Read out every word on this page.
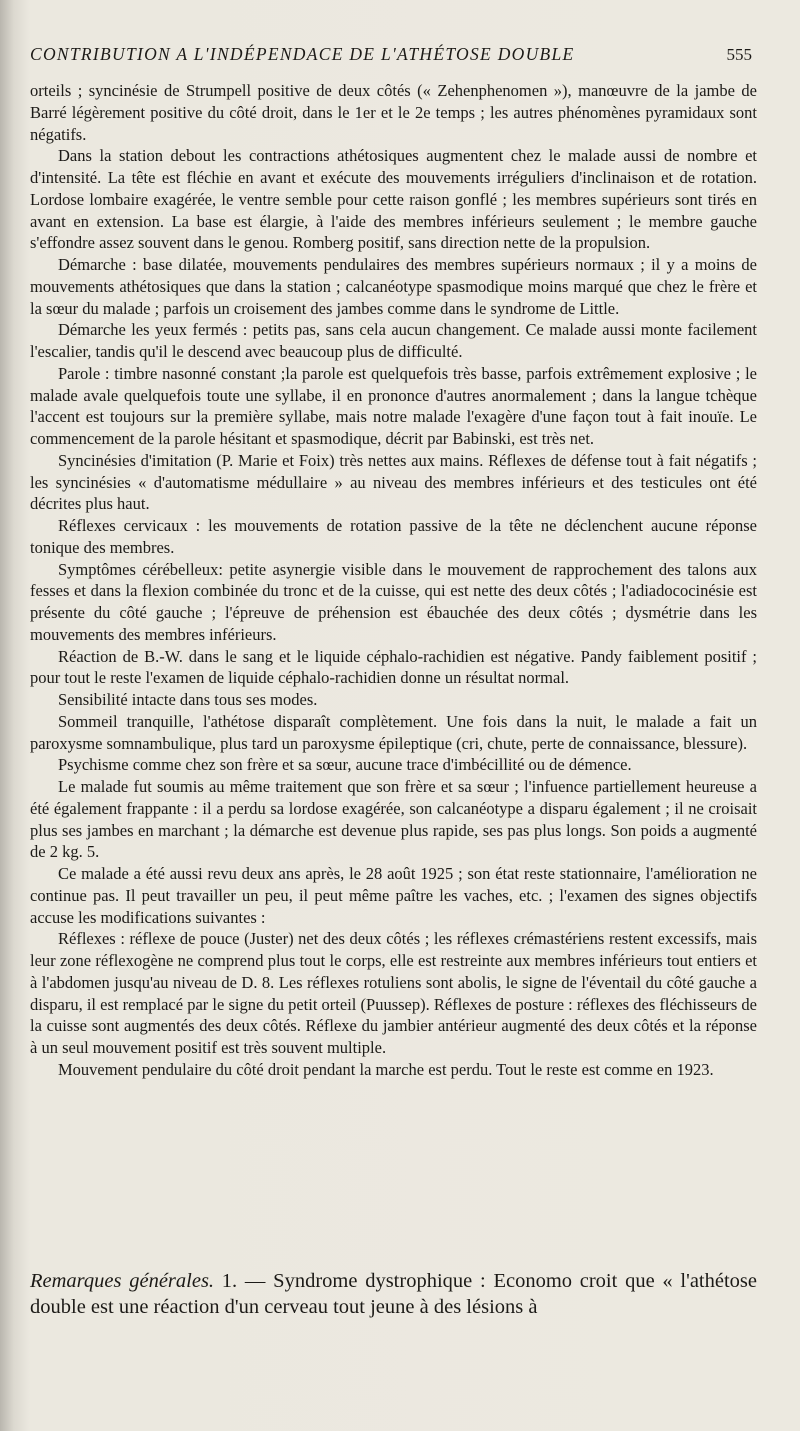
CONTRIBUTION A L'INDÉPENDACE DE L'ATHÉTOSE DOUBLE	555

orteils ; syncinésie de Strumpell positive de deux côtés (« Zehenphenomen »), manœuvre de la jambe de Barré légèrement positive du côté droit, dans le 1er et le 2e temps ; les autres phénomènes pyramidaux sont négatifs.

Dans la station debout les contractions athétosiques augmentent chez le malade aussi de nombre et d'intensité. La tête est fléchie en avant et exécute des mouvements irréguliers d'inclinaison et de rotation. Lordose lombaire exagérée, le ventre semble pour cette raison gonflé ; les membres supérieurs sont tirés en avant en extension. La base est élargie, à l'aide des membres inférieurs seulement ; le membre gauche s'effondre assez souvent dans le genou. Romberg positif, sans direction nette de la propulsion.

Démarche : base dilatée, mouvements pendulaires des membres supérieurs normaux ; il y a moins de mouvements athétosiques que dans la station ; calcanéotype spasmodique moins marqué que chez le frère et la sœur du malade ; parfois un croisement des jambes comme dans le syndrome de Little.

Démarche les yeux fermés : petits pas, sans cela aucun changement. Ce malade aussi monte facilement l'escalier, tandis qu'il le descend avec beaucoup plus de difficulté.

Parole : timbre nasonné constant ;la parole est quelquefois très basse, parfois extrêmement explosive ; le malade avale quelquefois toute une syllabe, il en prononce d'autres anormalement ; dans la langue tchèque l'accent est toujours sur la première syllabe, mais notre malade l'exagère d'une façon tout à fait inouïe. Le commencement de la parole hésitant et spasmodique, décrit par Babinski, est très net.

Syncinésies d'imitation (P. Marie et Foix) très nettes aux mains. Réflexes de défense tout à fait négatifs ; les syncinésies « d'automatisme médullaire » au niveau des membres inférieurs et des testicules ont été décrites plus haut.

Réflexes cervicaux : les mouvements de rotation passive de la tête ne déclenchent aucune réponse tonique des membres.

Symptômes cérébelleux: petite asynergie visible dans le mouvement de rapprochement des talons aux fesses et dans la flexion combinée du tronc et de la cuisse, qui est nette des deux côtés ; l'adiadococinésie est présente du côté gauche ; l'épreuve de préhension est ébauchée des deux côtés ; dysmétrie dans les mouvements des membres inférieurs.

Réaction de B.-W. dans le sang et le liquide céphalo-rachidien est négative. Pandy faiblement positif ; pour tout le reste l'examen de liquide céphalo-rachidien donne un résultat normal.

Sensibilité intacte dans tous ses modes.

Sommeil tranquille, l'athétose disparaît complètement. Une fois dans la nuit, le malade a fait un paroxysme somnambulique, plus tard un paroxysme épileptique (cri, chute, perte de connaissance, blessure).

Psychisme comme chez son frère et sa sœur, aucune trace d'imbécillité ou de démence.

Le malade fut soumis au même traitement que son frère et sa sœur ; l'infuence partiellement heureuse a été également frappante : il a perdu sa lordose exagérée, son calcanéotype a disparu également ; il ne croisait plus ses jambes en marchant ; la démarche est devenue plus rapide, ses pas plus longs. Son poids a augmenté de 2 kg. 5.

Ce malade a été aussi revu deux ans après, le 28 août 1925 ; son état reste stationnaire, l'amélioration ne continue pas. Il peut travailler un peu, il peut même paître les vaches, etc. ; l'examen des signes objectifs accuse les modifications suivantes :

Réflexes : réflexe de pouce (Juster) net des deux côtés ; les réflexes crémastériens restent excessifs, mais leur zone réflexogène ne comprend plus tout le corps, elle est restreinte aux membres inférieurs tout entiers et à l'abdomen jusqu'au niveau de D. 8. Les réflexes rotuliens sont abolis, le signe de l'éventail du côté gauche a disparu, il est remplacé par le signe du petit orteil (Puussep). Réflexes de posture : réflexes des fléchisseurs de la cuisse sont augmentés des deux côtés. Réflexe du jambier antérieur augmenté des deux côtés et la réponse à un seul mouvement positif est très souvent multiple.

Mouvement pendulaire du côté droit pendant la marche est perdu. Tout le reste est comme en 1923.

Remarques générales. 1. — Syndrome dystrophique : Economo croit que « l'athétose double est une réaction d'un cerveau tout jeune à des lésions à
